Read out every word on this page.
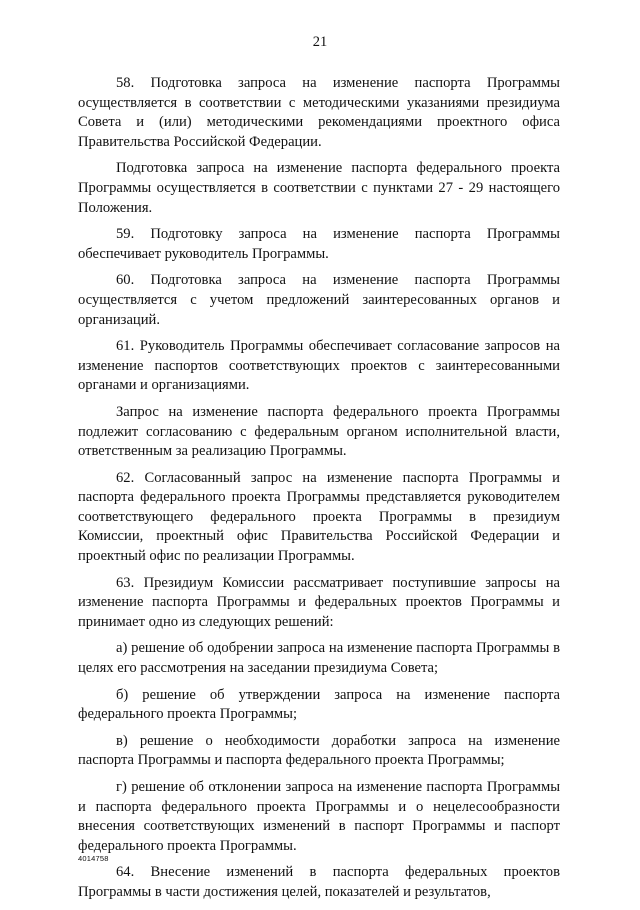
21

58. Подготовка запроса на изменение паспорта Программы осуществляется в соответствии с методическими указаниями президиума Совета и (или) методическими рекомендациями проектного офиса Правительства Российской Федерации.

Подготовка запроса на изменение паспорта федерального проекта Программы осуществляется в соответствии с пунктами 27 - 29 настоящего Положения.

59. Подготовку запроса на изменение паспорта Программы обеспечивает руководитель Программы.

60. Подготовка запроса на изменение паспорта Программы осуществляется с учетом предложений заинтересованных органов и организаций.

61. Руководитель Программы обеспечивает согласование запросов на изменение паспортов соответствующих проектов с заинтересованными органами и организациями.

Запрос на изменение паспорта федерального проекта Программы подлежит согласованию с федеральным органом исполнительной власти, ответственным за реализацию Программы.

62. Согласованный запрос на изменение паспорта Программы и паспорта федерального проекта Программы представляется руководителем соответствующего федерального проекта Программы в президиум Комиссии, проектный офис Правительства Российской Федерации и проектный офис по реализации Программы.

63. Президиум Комиссии рассматривает поступившие запросы на изменение паспорта Программы и федеральных проектов Программы и принимает одно из следующих решений:

а) решение об одобрении запроса на изменение паспорта Программы в целях его рассмотрения на заседании президиума Совета;

б) решение об утверждении запроса на изменение паспорта федерального проекта Программы;

в) решение о необходимости доработки запроса на изменение паспорта Программы и паспорта федерального проекта Программы;

г) решение об отклонении запроса на изменение паспорта Программы и паспорта федерального проекта Программы и о нецелесообразности внесения соответствующих изменений в паспорт Программы и паспорт федерального проекта Программы.

64. Внесение изменений в паспорта федеральных проектов Программы в части достижения целей, показателей и результатов,

4014758
